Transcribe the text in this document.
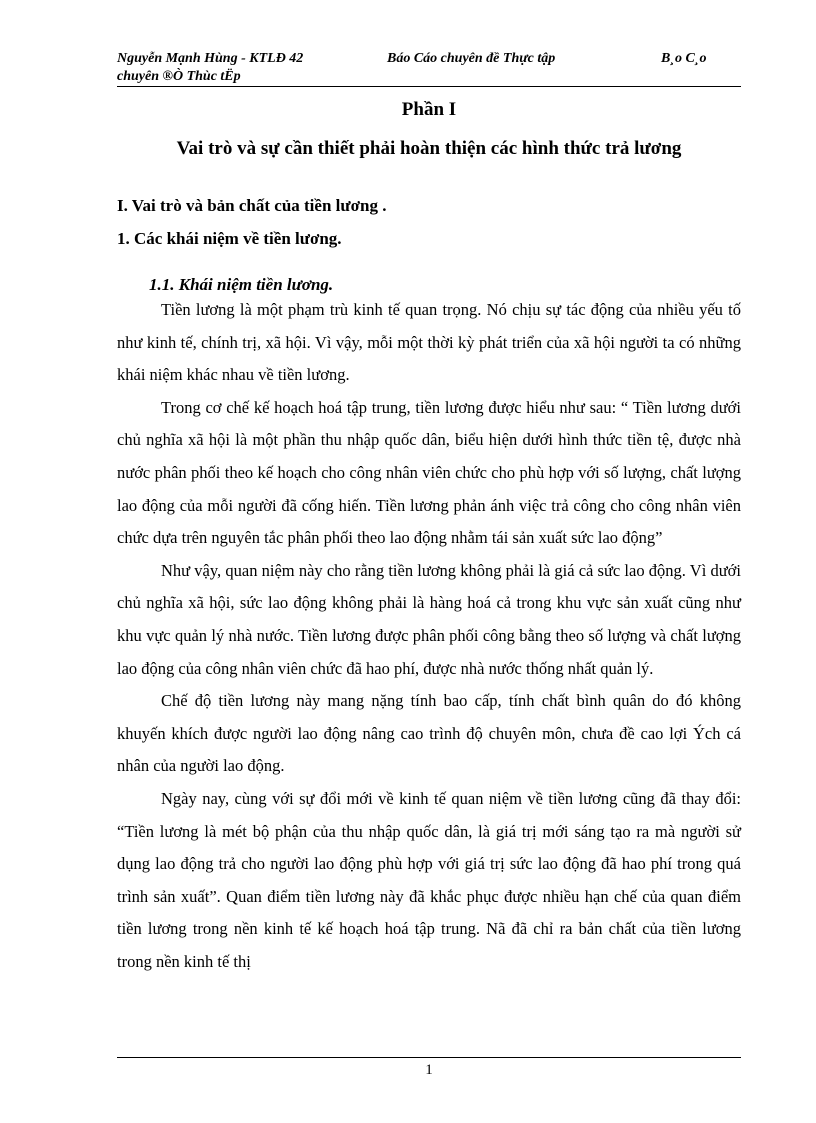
Nguyễn Mạnh Hùng - KTLĐ 42	Báo Cáo chuyên đề Thực tập	B¸o C¸o
chuyên ®Ò Thùc tËp
Phần I
Vai trò và sự cần thiết phải hoàn thiện các hình thức trả lương
I. Vai trò và bản chất của tiền lương .
1. Các khái niệm về tiền lương.
1.1. Khái niệm tiền lương.

Tiền lương là một phạm trù kinh tế quan trọng. Nó chịu sự tác động của nhiều yếu tố như kinh tế, chính trị, xã hội. Vì vậy, mỗi một thời kỳ phát triển của xã hội người ta có những khái niệm khác nhau về tiền lương.

Trong cơ chế kế hoạch hoá tập trung, tiền lương được hiểu như sau: “ Tiền lương dưới chủ nghĩa xã hội là một phần thu nhập quốc dân, biểu hiện dưới hình thức tiền tệ, được nhà nước phân phối theo kế hoạch cho công nhân viên chức cho phù hợp với số lượng, chất lượng lao động của mỗi người đã cống hiến. Tiền lương phản ánh việc trả công cho công nhân viên chức dựa trên nguyên tắc phân phối theo lao động nhằm tái sản xuất sức lao động”

Như vậy, quan niệm này cho rằng tiền lương không phải là giá cả sức lao động. Vì dưới chủ nghĩa xã hội, sức lao động không phải là hàng hoá cả trong khu vực sản xuất cũng như khu vực quản lý nhà nước. Tiền lương được phân phối công bằng theo số lượng và chất lượng lao động của công nhân viên chức đã hao phí, được nhà nước thống nhất quản lý.

Chế độ tiền lương này mang nặng tính bao cấp, tính chất bình quân do đó không khuyến khích được người lao động nâng cao trình độ chuyên môn, chưa đề cao lợi Ých cá nhân của người lao động.

Ngày nay, cùng với sự đổi mới về kinh tế quan niệm về tiền lương cũng đã thay đổi: “Tiền lương là mét bộ phận của thu nhập quốc dân, là giá trị mới sáng tạo ra mà người sử dụng lao động trả cho người lao động phù hợp với giá trị sức lao động đã hao phí trong quá trình sản xuất”. Quan điểm tiền lương này đã khắc phục được nhiều hạn chế của quan điểm tiền lương trong nền kinh tế kế hoạch hoá tập trung. Nã đã chỉ ra bản chất của tiền lương trong nền kinh tế thị

1
